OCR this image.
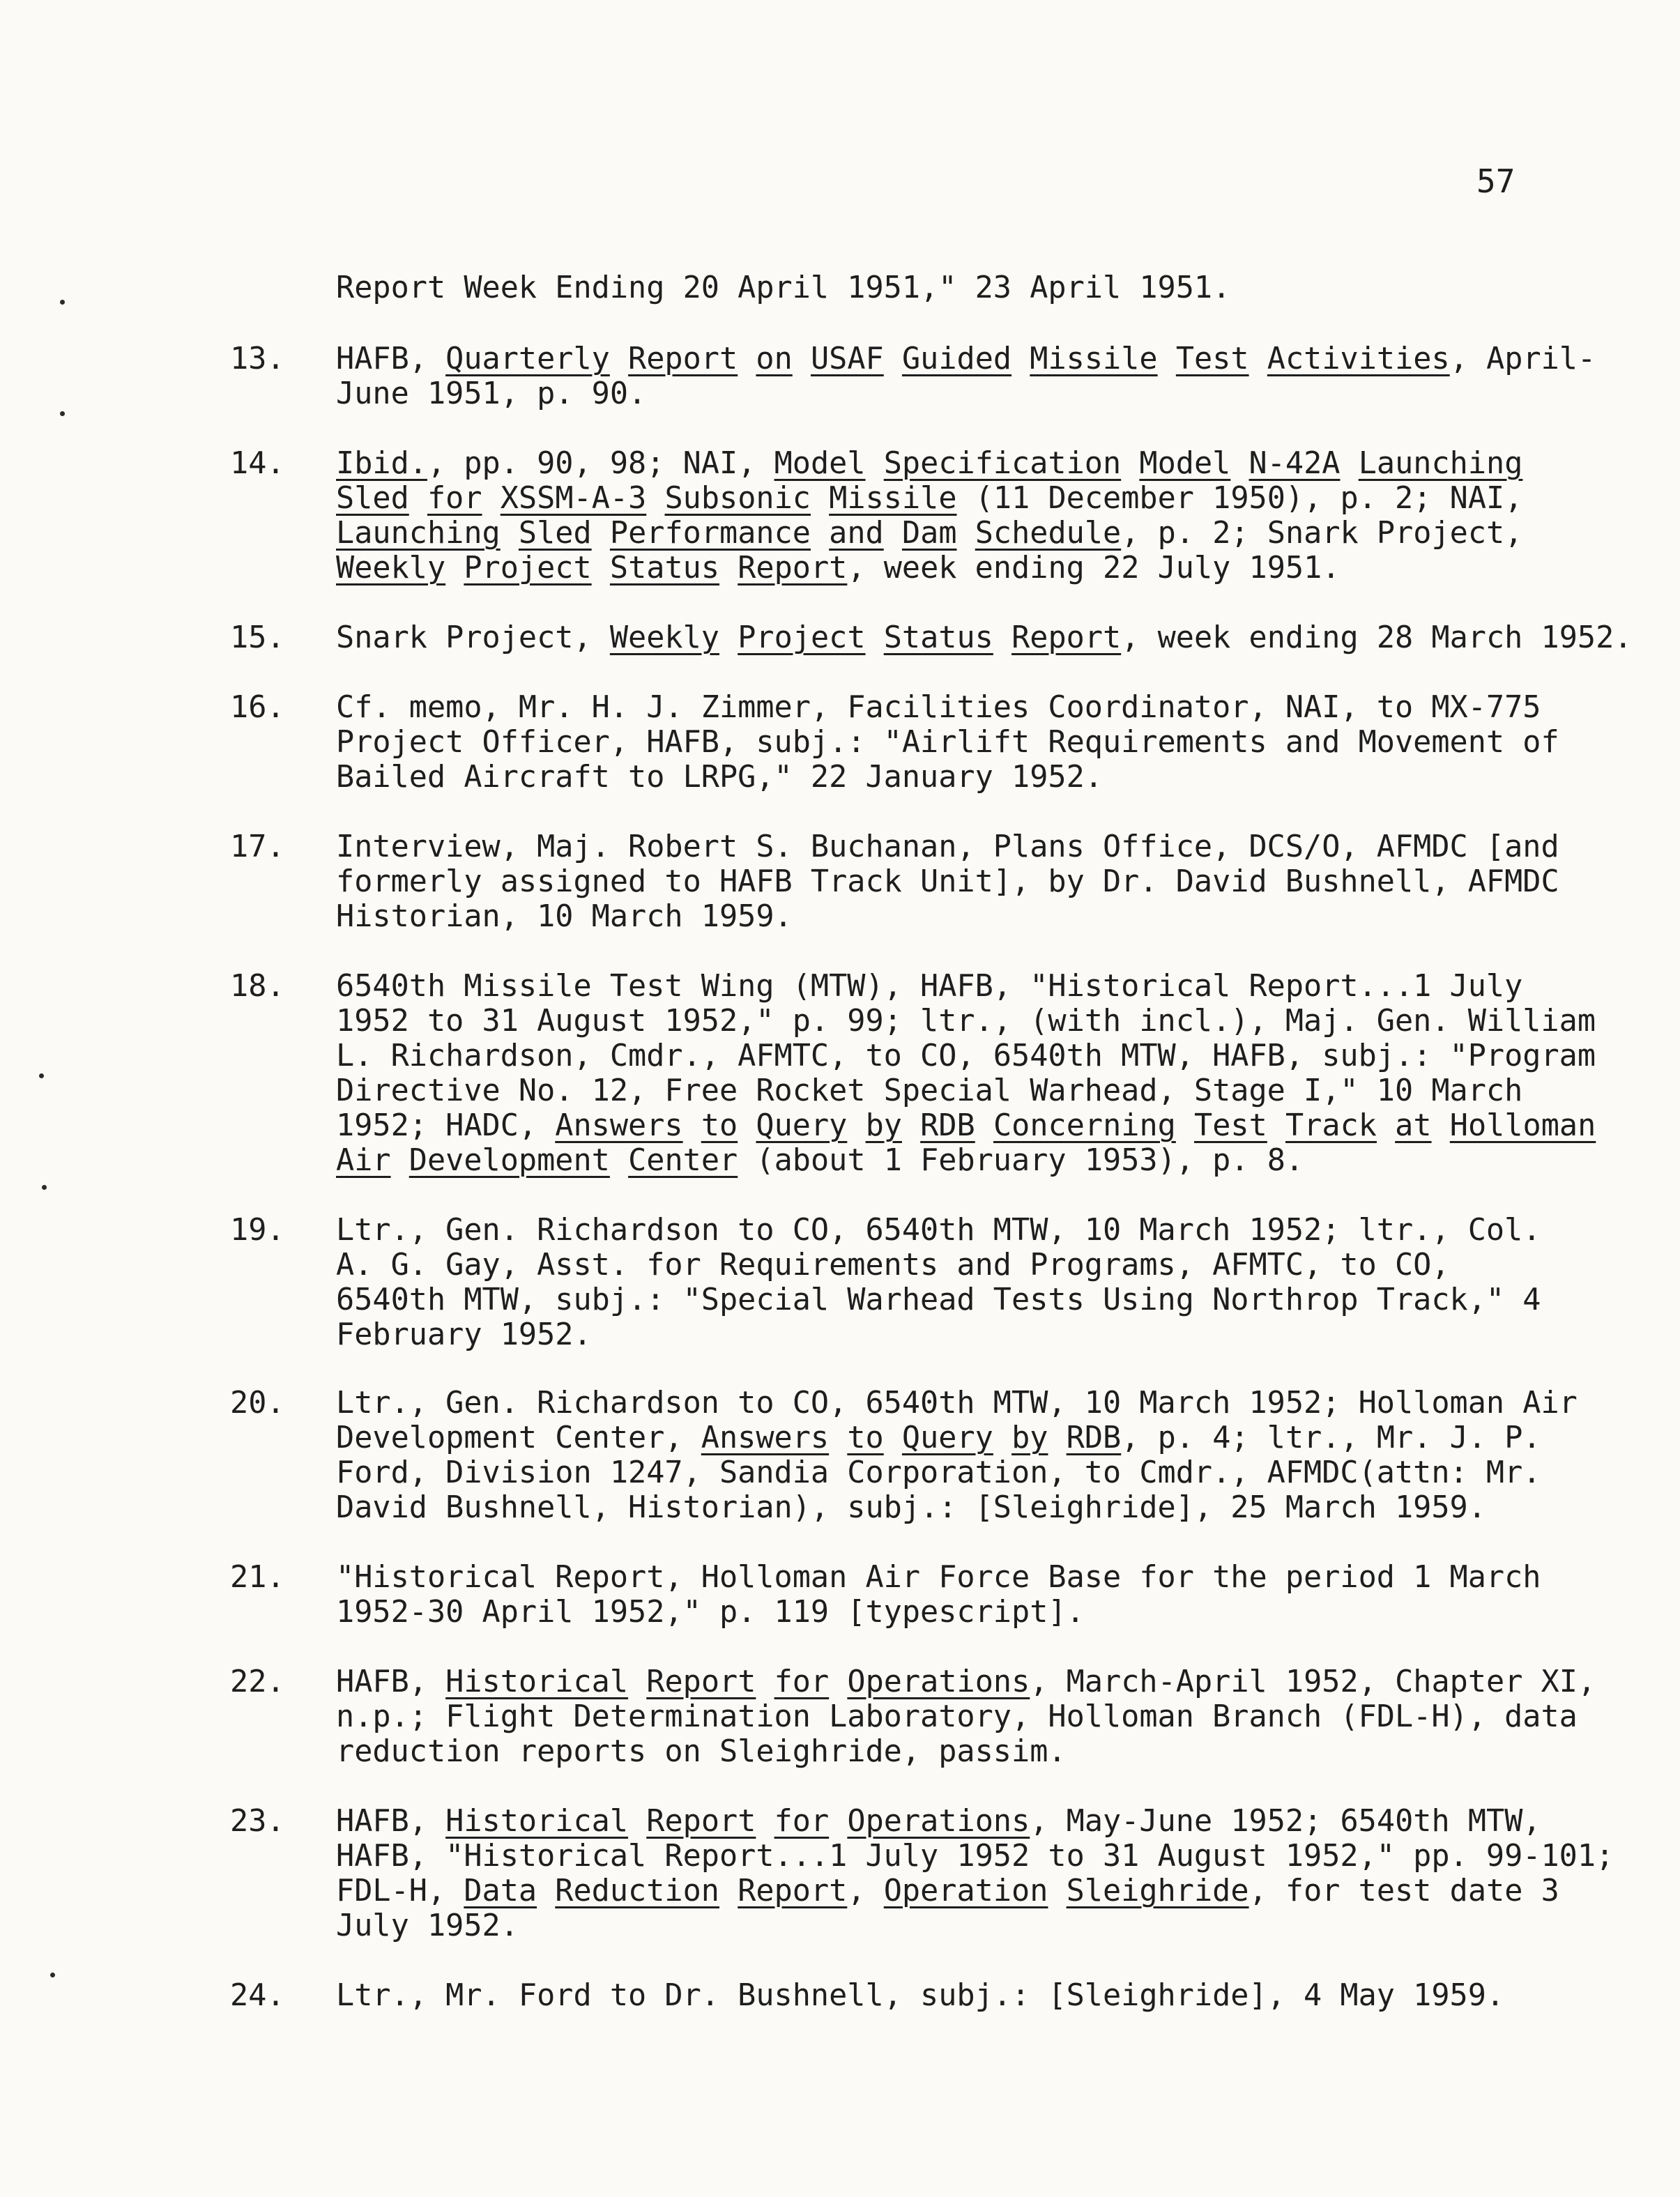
57
Report Week Ending 20 April 1951," 23 April 1951.
13. HAFB, Quarterly Report on USAF Guided Missile Test Activities, April-
June 1951, p. 90.
14. Ibid., pp. 90, 98; NAI, Model Specification Model N-42A Launching
Sled for XSSM-A-3 Subsonic Missile (11 December 1950), p. 2; NAI,
Launching Sled Performance and Dam Schedule, p. 2; Snark Project,
Weekly Project Status Report, week ending 22 July 1951.
15. Snark Project, Weekly Project Status Report, week ending 28 March 1952.
16. Cf. memo, Mr. H. J. Zimmer, Facilities Coordinator, NAI, to MX-775
Project Officer, HAFB, subj.: "Airlift Requirements and Movement of
Bailed Aircraft to LRPG," 22 January 1952.
17. Interview, Maj. Robert S. Buchanan, Plans Office, DCS/O, AFMDC [and
formerly assigned to HAFB Track Unit], by Dr. David Bushnell, AFMDC
Historian, 10 March 1959.
18. 6540th Missile Test Wing (MTW), HAFB, "Historical Report...1 July
1952 to 31 August 1952," p. 99; ltr., (with incl.), Maj. Gen. William
L. Richardson, Cmdr., AFMTC, to CO, 6540th MTW, HAFB, subj.: "Program
Directive No. 12, Free Rocket Special Warhead, Stage I," 10 March
1952; HADC, Answers to Query by RDB Concerning Test Track at Holloman
Air Development Center (about 1 February 1953), p. 8.
19. Ltr., Gen. Richardson to CO, 6540th MTW, 10 March 1952; ltr., Col.
A. G. Gay, Asst. for Requirements and Programs, AFMTC, to CO,
6540th MTW, subj.: "Special Warhead Tests Using Northrop Track," 4
February 1952.
20. Ltr., Gen. Richardson to CO, 6540th MTW, 10 March 1952; Holloman Air
Development Center, Answers to Query by RDB, p. 4; ltr., Mr. J. P.
Ford, Division 1247, Sandia Corporation, to Cmdr., AFMDC(attn: Mr.
David Bushnell, Historian), subj.: [Sleighride], 25 March 1959.
21. "Historical Report, Holloman Air Force Base for the period 1 March
1952-30 April 1952," p. 119 [typescript].
22. HAFB, Historical Report for Operations, March-April 1952, Chapter XI,
n.p.; Flight Determination Laboratory, Holloman Branch (FDL-H), data
reduction reports on Sleighride, passim.
23. HAFB, Historical Report for Operations, May-June 1952; 6540th MTW,
HAFB, "Historical Report...1 July 1952 to 31 August 1952," pp. 99-101;
FDL-H, Data Reduction Report, Operation Sleighride, for test date 3
July 1952.
24. Ltr., Mr. Ford to Dr. Bushnell, subj.: [Sleighride], 4 May 1959.
